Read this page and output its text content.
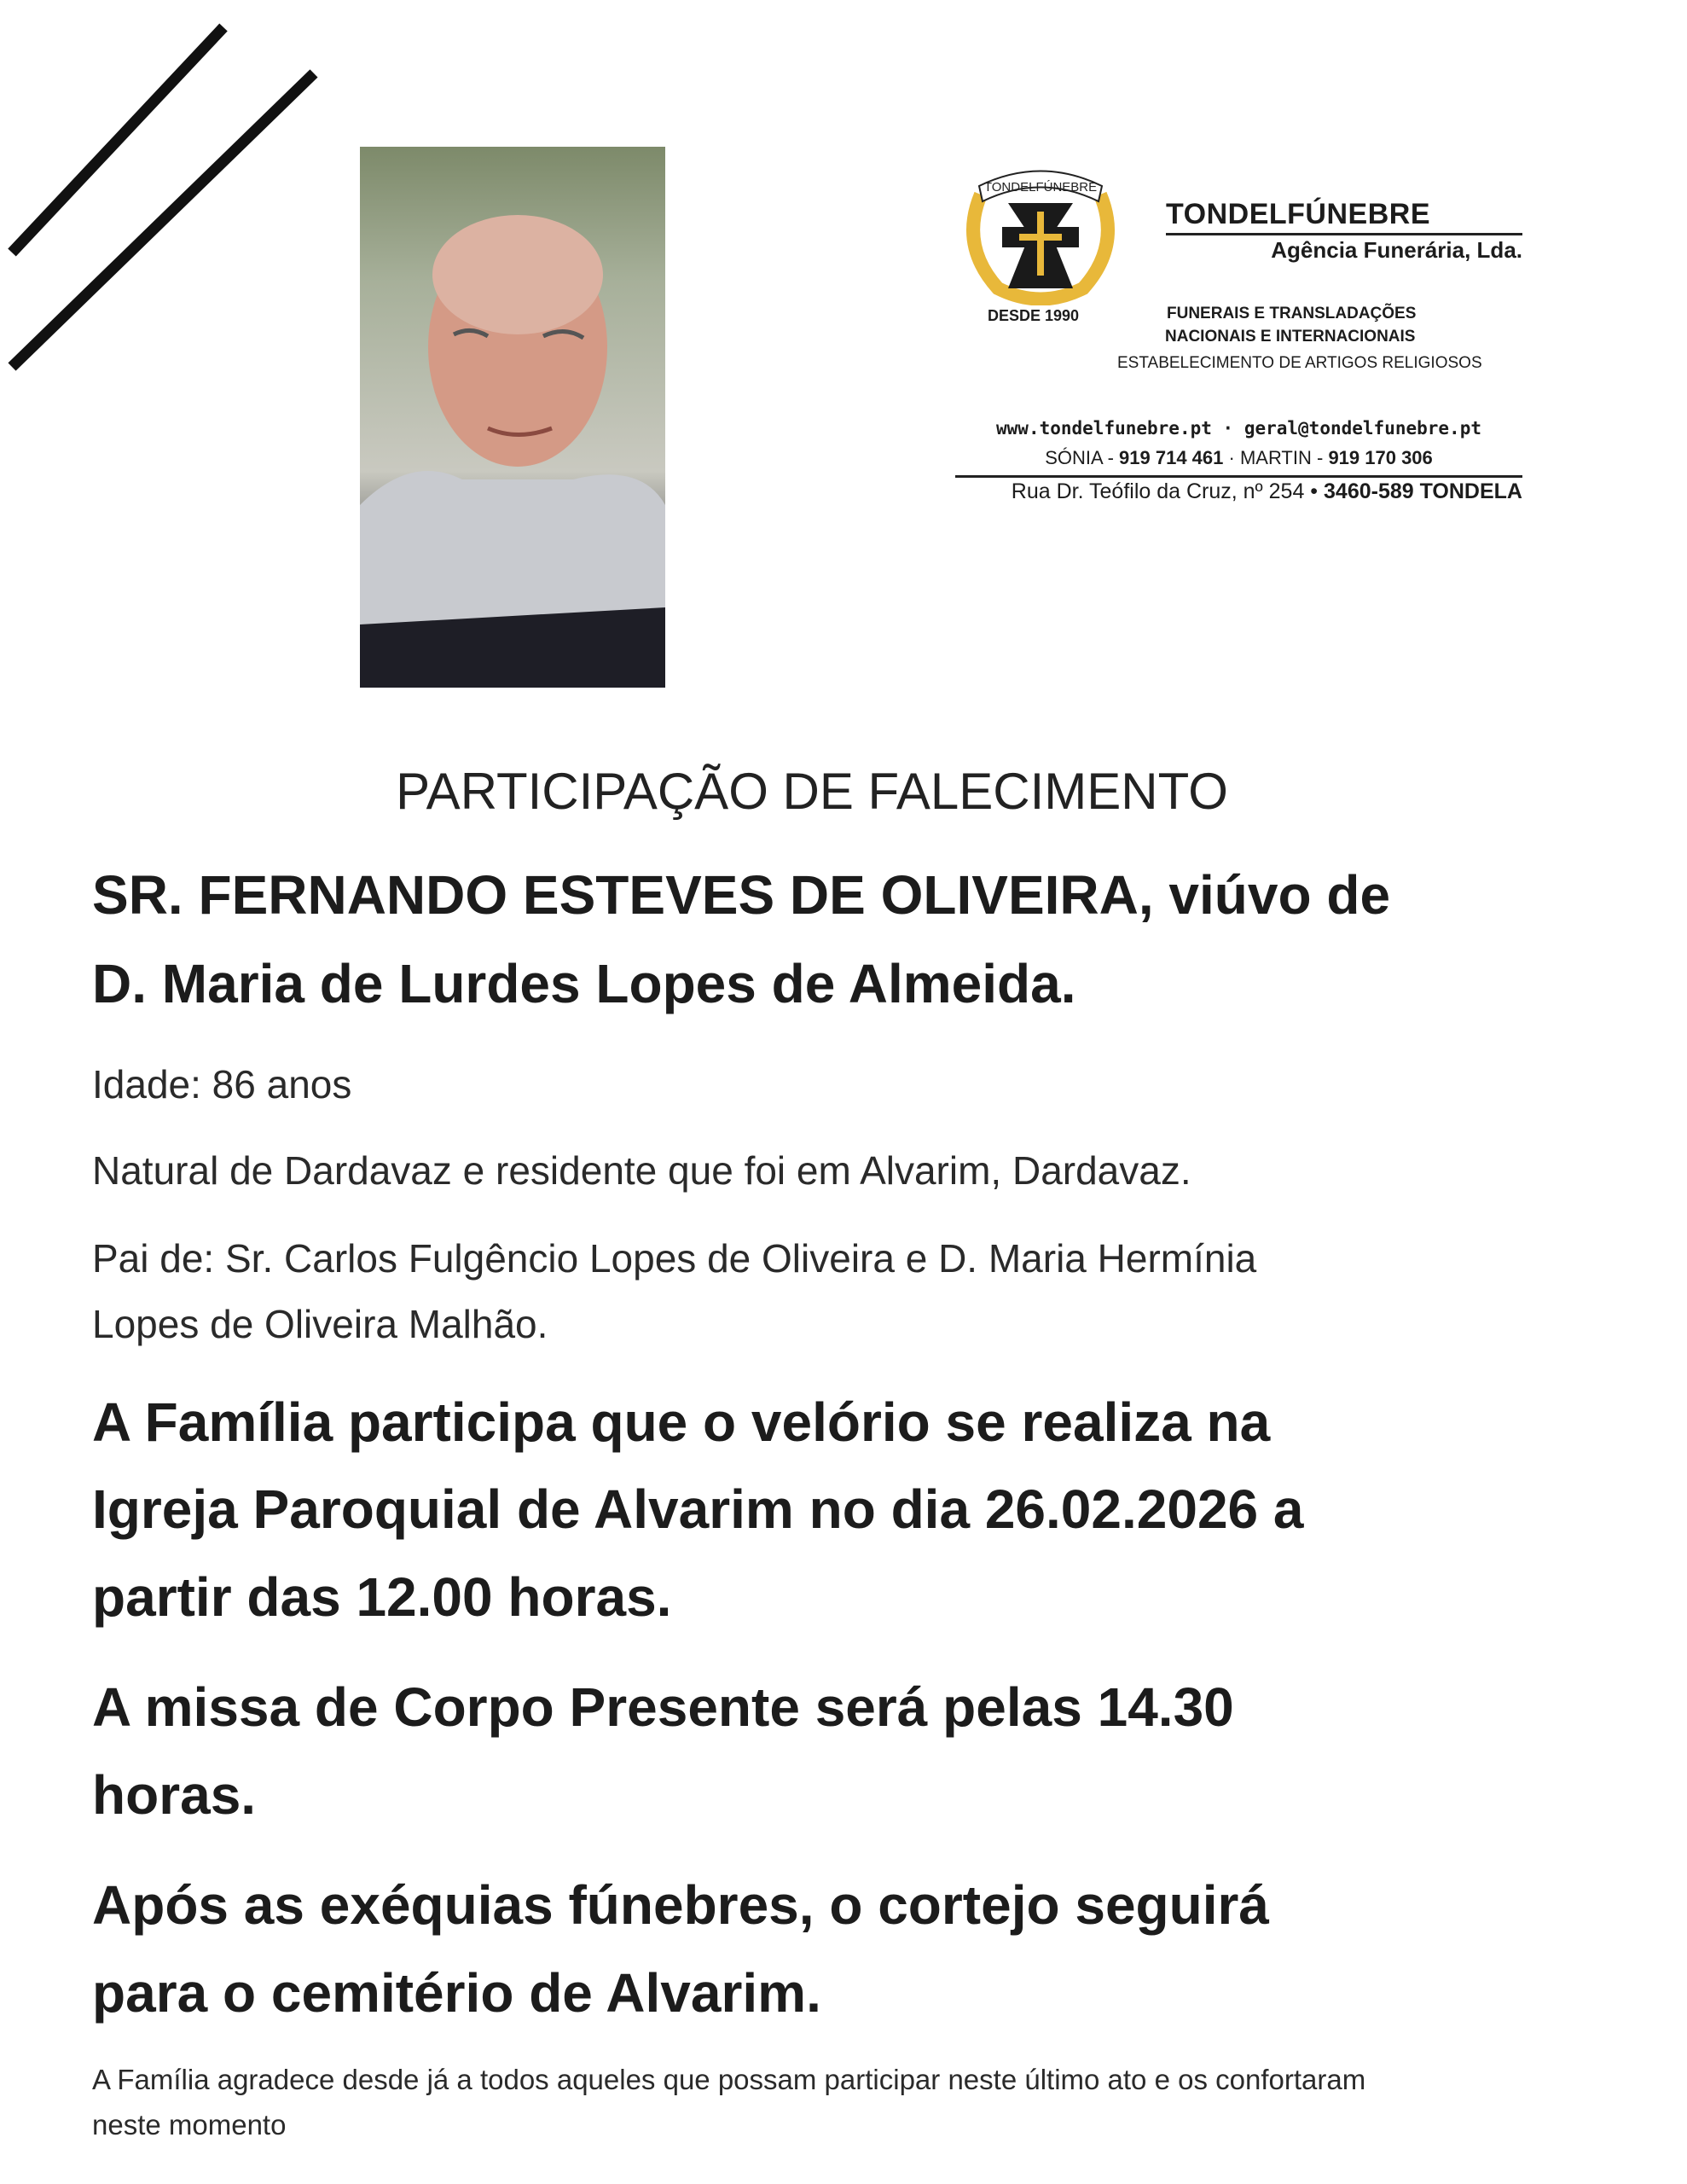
TONDELFÚNEBRE
DESDE 1990
TONDELFÚNEBRE
Agência Funerária, Lda.
FUNERAIS E TRANSLADAÇÕES
NACIONAIS E INTERNACIONAIS
ESTABELECIMENTO DE ARTIGOS RELIGIOSOS
www.tondelfunebre.pt · geral@tondelfunebre.pt
SÓNIA - 919 714 461 · MARTIN - 919 170 306
Rua Dr. Teófilo da Cruz, nº 254 • 3460-589 TONDELA
PARTICIPAÇÃO DE FALECIMENTO
SR. FERNANDO ESTEVES DE OLIVEIRA, viúvo de
D. Maria de Lurdes Lopes de Almeida.
Idade: 86 anos
Natural de Dardavaz e residente que foi em Alvarim, Dardavaz.
Pai de: Sr. Carlos Fulgêncio Lopes de Oliveira e D. Maria Hermínia
Lopes de Oliveira Malhão.
A Família participa que o velório se realiza na
Igreja Paroquial de Alvarim no dia 26.02.2026 a
partir das 12.00 horas.
A missa de Corpo Presente será pelas 14.30
horas.
Após as exéquias fúnebres, o cortejo seguirá
para o cemitério de Alvarim.
A Família agradece desde já a todos aqueles que possam participar neste último ato e os confortaram
neste momento
